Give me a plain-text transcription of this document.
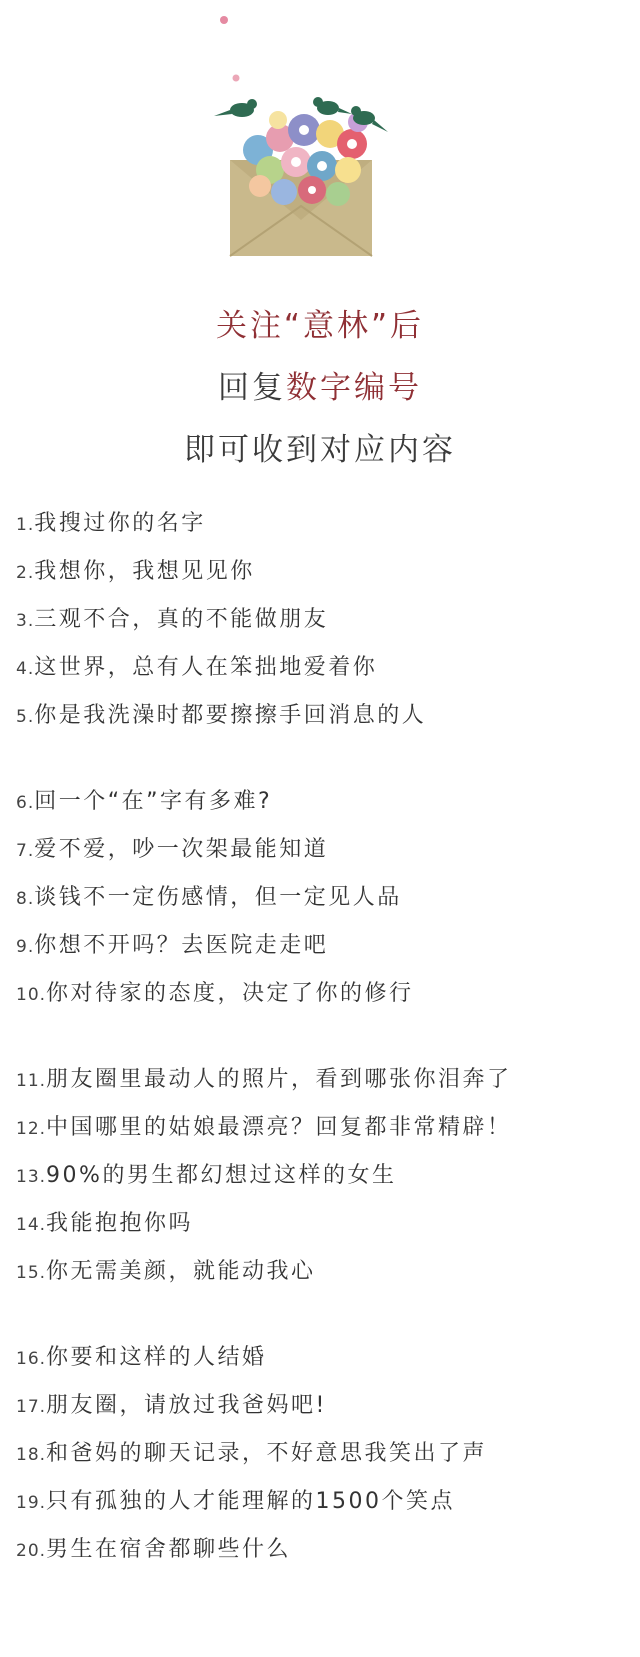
关注“意林”后
回复数字编号
即可收到对应内容
1.我搜过你的名字
2.我想你，我想见见你
3.三观不合，真的不能做朋友
4.这世界，总有人在笨拙地爱着你
5.你是我洗澡时都要擦擦手回消息的人
6.回一个“在”字有多难?
7.爱不爱，吵一次架最能知道
8.谈钱不一定伤感情，但一定见人品
9.你想不开吗？去医院走走吧
10.你对待家的态度，决定了你的修行
11.朋友圈里最动人的照片，看到哪张你泪奔了
12.中国哪里的姑娘最漂亮？回复都非常精辟！
13.90%的男生都幻想过这样的女生
14.我能抱抱你吗
15.你无需美颜，就能动我心
16.你要和这样的人结婚
17.朋友圈，请放过我爸妈吧!
18.和爸妈的聊天记录，不好意思我笑出了声
19.只有孤独的人才能理解的1500个笑点
20.男生在宿舍都聊些什么
